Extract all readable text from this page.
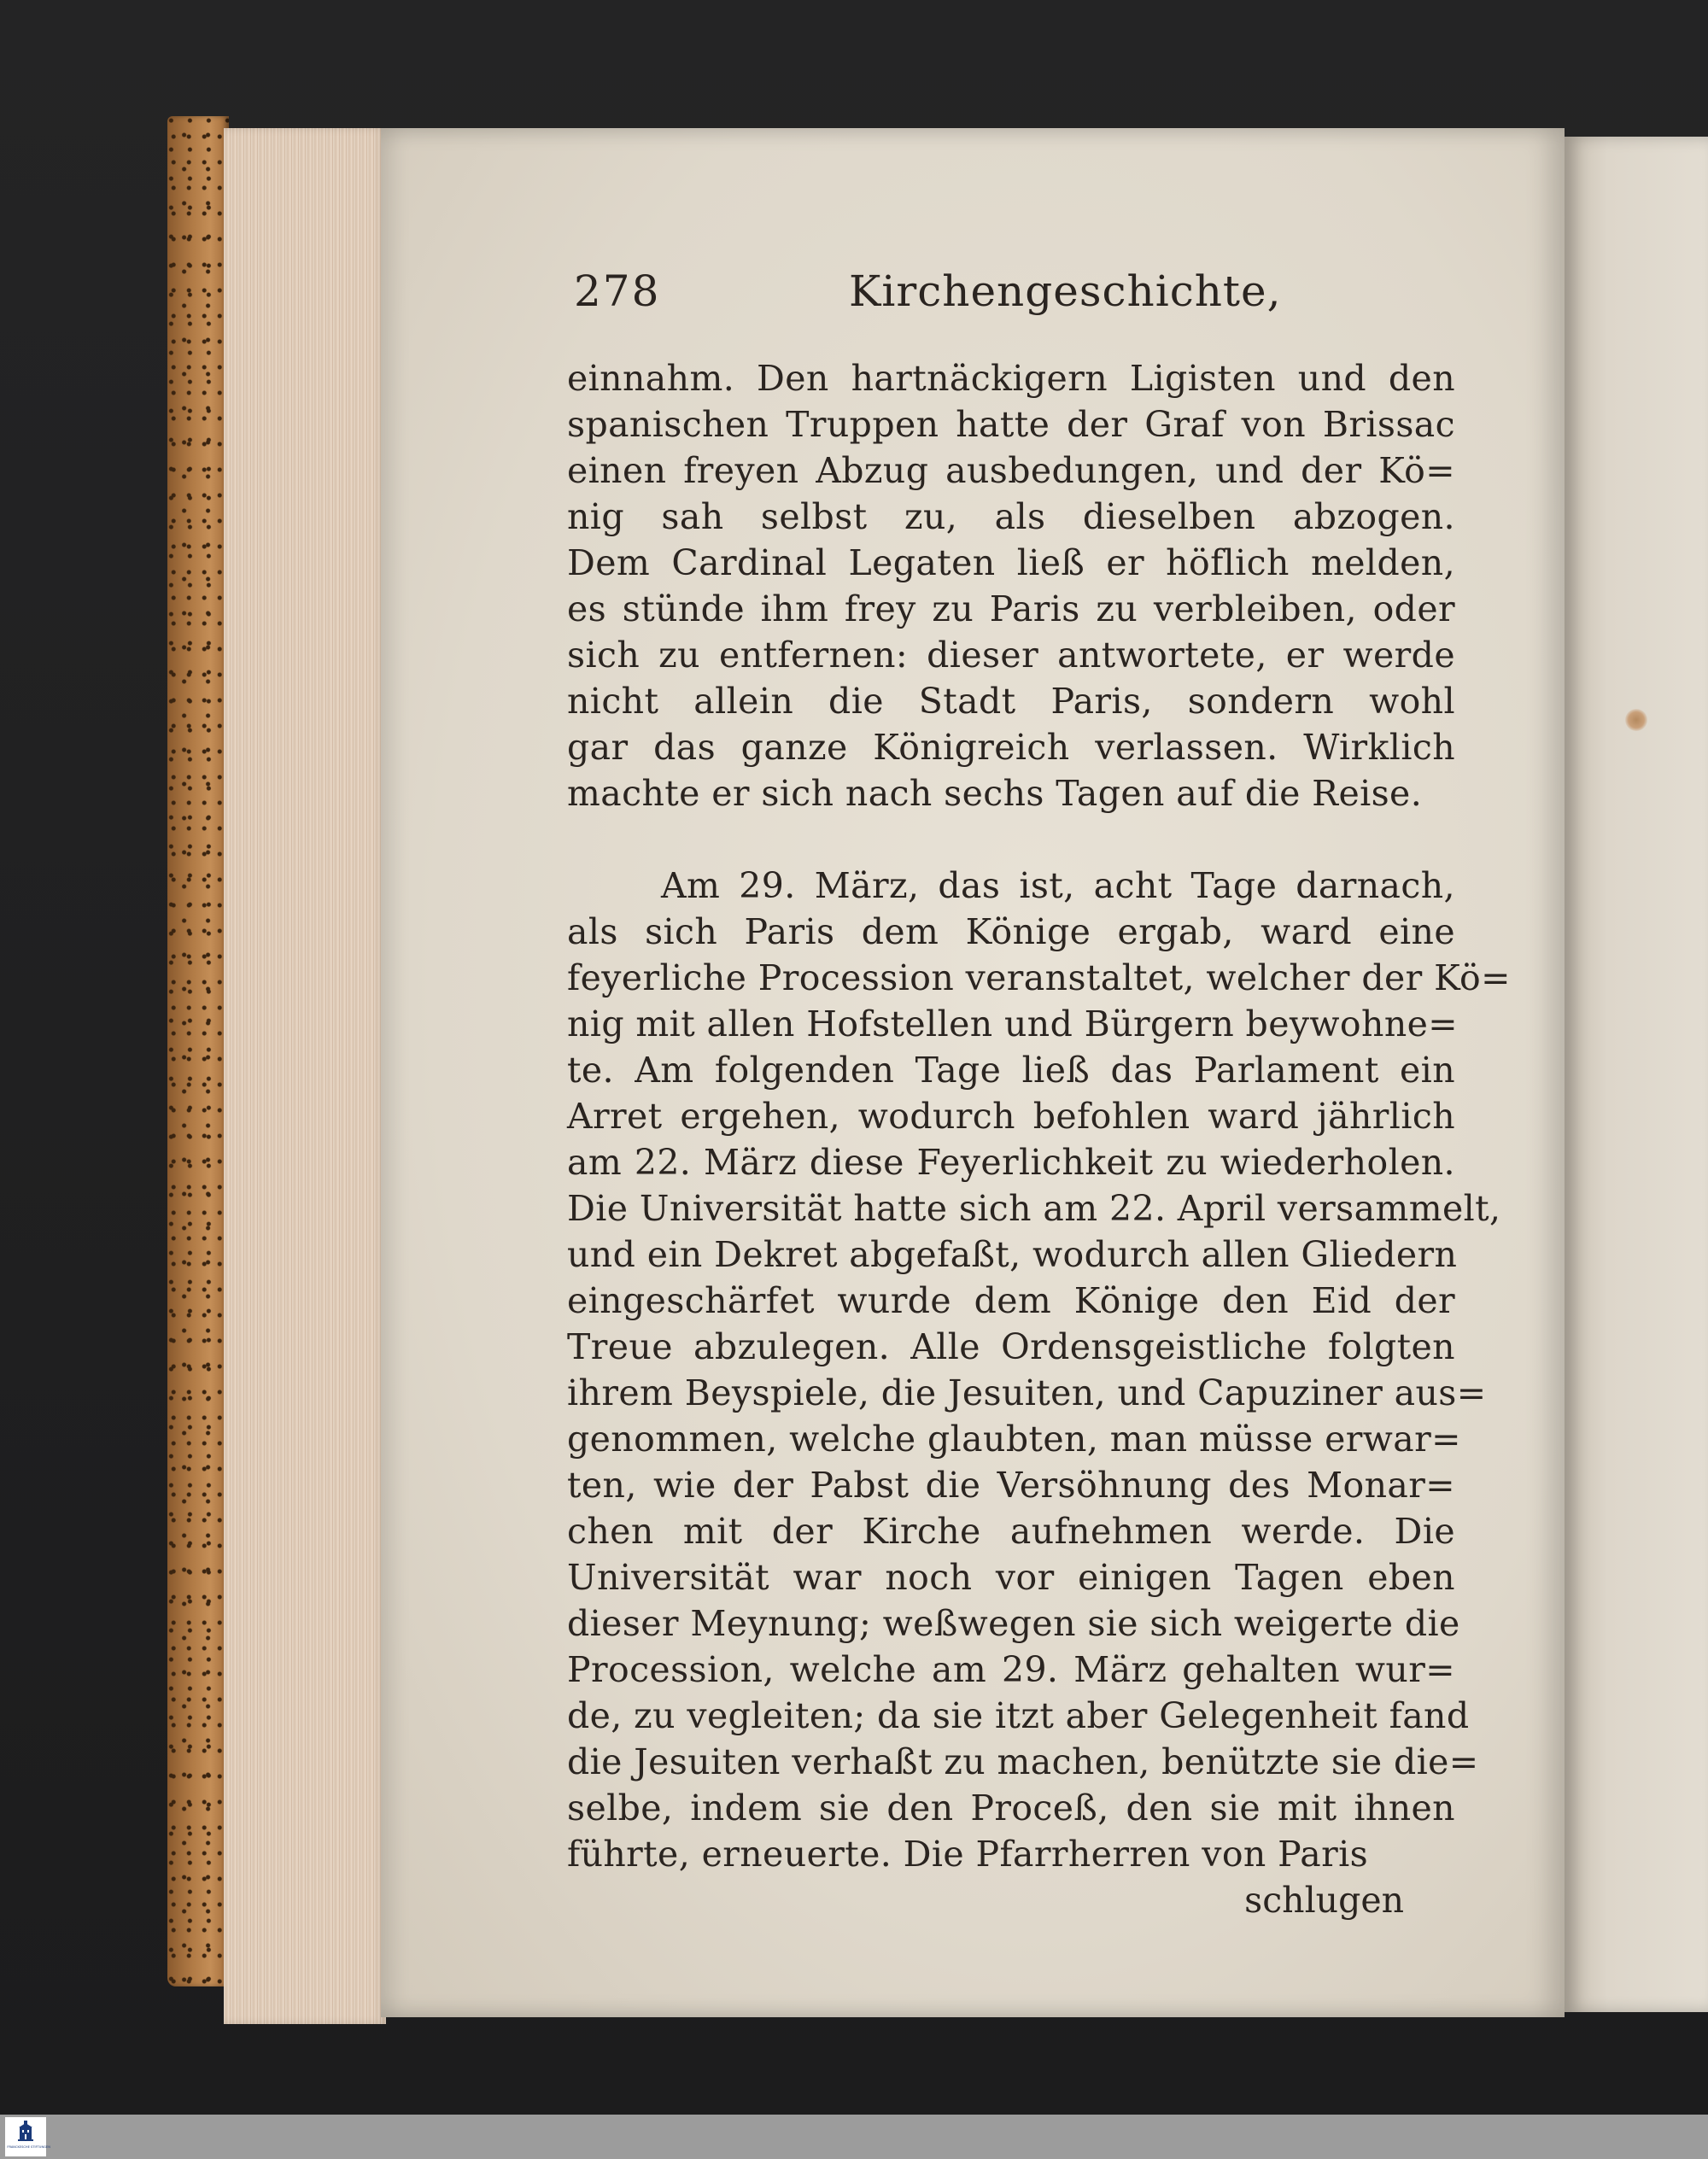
278	Kirchengeschichte,
einnahm. Den hartnäckigern Ligisten und den
spanischen Truppen hatte der Graf von Brissac
einen freyen Abzug ausbedungen, und der Kö=
nig sah selbst zu, als dieselben abzogen.
Dem Cardinal Legaten ließ er höflich melden,
es stünde ihm frey zu Paris zu verbleiben, oder
sich zu entfernen: dieser antwortete, er werde
nicht allein die Stadt Paris, sondern wohl
gar das ganze Königreich verlassen. Wirklich
machte er sich nach sechs Tagen auf die Reise.
Am 29. März, das ist, acht Tage darnach,
als sich Paris dem Könige ergab, ward eine
feyerliche Procession veranstaltet, welcher der Kö=
nig mit allen Hofstellen und Bürgern beywohne=
te. Am folgenden Tage ließ das Parlament ein
Arret ergehen, wodurch befohlen ward jährlich
am 22. März diese Feyerlichkeit zu wiederholen.
Die Universität hatte sich am 22. April versammelt,
und ein Dekret abgefaßt, wodurch allen Gliedern
eingeschärfet wurde dem Könige den Eid der
Treue abzulegen. Alle Ordensgeistliche folgten
ihrem Beyspiele, die Jesuiten, und Capuziner aus=
genommen, welche glaubten, man müsse erwar=
ten, wie der Pabst die Versöhnung des Monar=
chen mit der Kirche aufnehmen werde. Die
Universität war noch vor einigen Tagen eben
dieser Meynung; weßwegen sie sich weigerte die
Procession, welche am 29. März gehalten wur=
de, zu vegleiten; da sie itzt aber Gelegenheit fand
die Jesuiten verhaßt zu machen, benützte sie die=
selbe, indem sie den Proceß, den sie mit ihnen
führte, erneuerte. Die Pfarrherren von Paris
schlugen
FRANCKESCHE STIFTUNGEN
